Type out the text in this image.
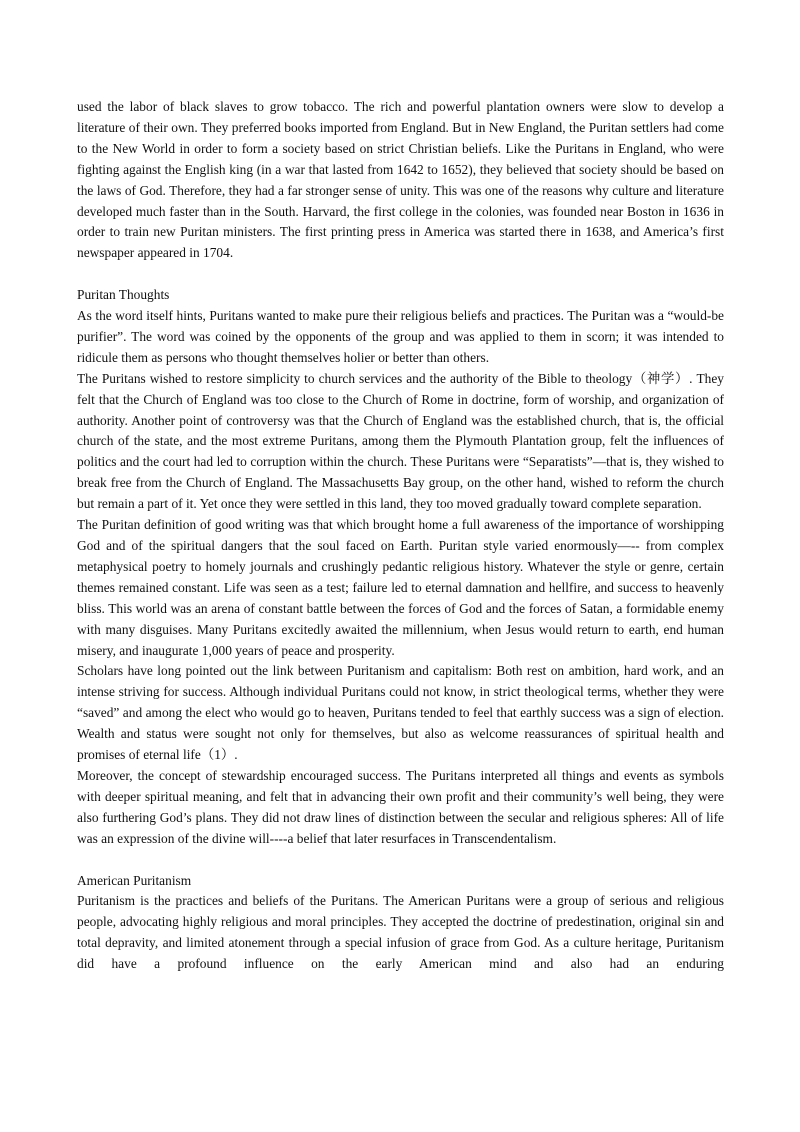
used the labor of black slaves to grow tobacco. The rich and powerful plantation owners were slow to develop a literature of their own. They preferred books imported from England. But in New England, the Puritan settlers had come to the New World in order to form a society based on strict Christian beliefs. Like the Puritans in England, who were fighting against the English king (in a war that lasted from 1642 to 1652), they believed that society should be based on the laws of God. Therefore, they had a far stronger sense of unity. This was one of the reasons why culture and literature developed much faster than in the South. Harvard, the first college in the colonies, was founded near Boston in 1636 in order to train new Puritan ministers. The first printing press in America was started there in 1638, and America’s first newspaper appeared in 1704.

Puritan Thoughts

As the word itself hints, Puritans wanted to make pure their religious beliefs and practices. The Puritan was a “would-be purifier”. The word was coined by the opponents of the group and was applied to them in scorn; it was intended to ridicule them as persons who thought themselves holier or better than others.

The Puritans wished to restore simplicity to church services and the authority of the Bible to theology（神学）. They felt that the Church of England was too close to the Church of Rome in doctrine, form of worship, and organization of authority. Another point of controversy was that the Church of England was the established church, that is, the official church of the state, and the most extreme Puritans, among them the Plymouth Plantation group, felt the influences of politics and the court had led to corruption within the church. These Puritans were “Separatists”—that is, they wished to break free from the Church of England. The Massachusetts Bay group, on the other hand, wished to reform the church but remain a part of it. Yet once they were settled in this land, they too moved gradually toward complete separation.

The Puritan definition of good writing was that which brought home a full awareness of the importance of worshipping God and of the spiritual dangers that the soul faced on Earth. Puritan style varied enormously—-- from complex metaphysical poetry to homely journals and crushingly pedantic religious history. Whatever the style or genre, certain themes remained constant. Life was seen as a test; failure led to eternal damnation and hellfire, and success to heavenly bliss. This world was an arena of constant battle between the forces of God and the forces of Satan, a formidable enemy with many disguises. Many Puritans excitedly awaited the millennium, when Jesus would return to earth, end human misery, and inaugurate 1,000 years of peace and prosperity.

Scholars have long pointed out the link between Puritanism and capitalism: Both rest on ambition, hard work, and an intense striving for success. Although individual Puritans could not know, in strict theological terms, whether they were “saved” and among the elect who would go to heaven, Puritans tended to feel that earthly success was a sign of election. Wealth and status were sought not only for themselves, but also as welcome reassurances of spiritual health and promises of eternal life（1）.

Moreover, the concept of stewardship encouraged success. The Puritans interpreted all things and events as symbols with deeper spiritual meaning, and felt that in advancing their own profit and their community’s well being, they were also furthering God’s plans. They did not draw lines of distinction between the secular and religious spheres: All of life was an expression of the divine will----a belief that later resurfaces in Transcendentalism.

American Puritanism

Puritanism is the practices and beliefs of the Puritans. The American Puritans were a group of serious and religious people, advocating highly religious and moral principles. They accepted the doctrine of predestination, original sin and total depravity, and limited atonement through a special infusion of grace from God. As a culture heritage, Puritanism did have a profound influence on the early American mind and also had an enduring
